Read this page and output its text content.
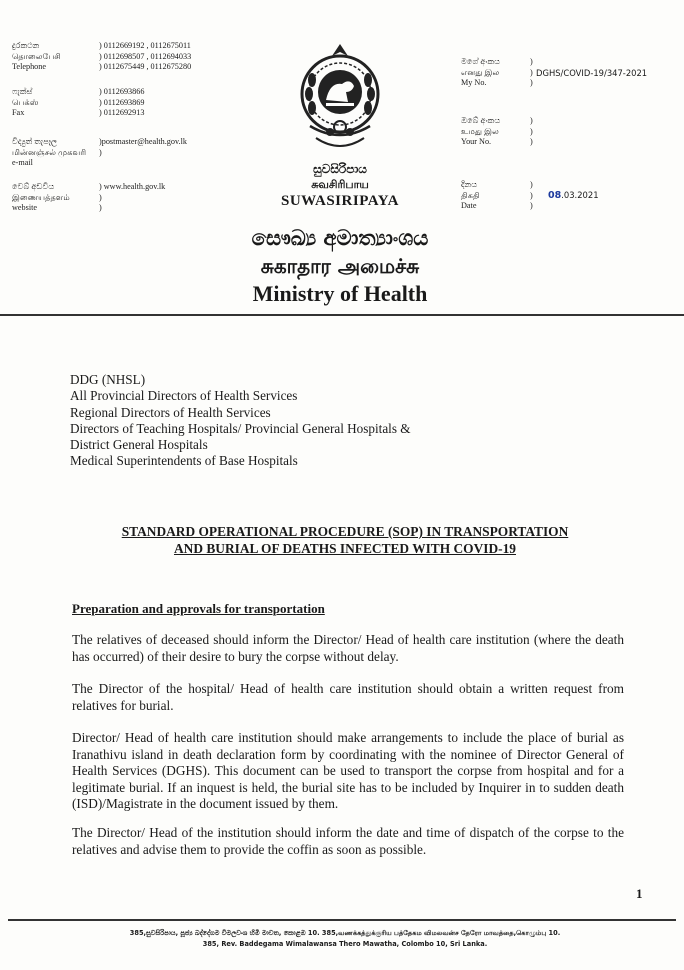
දුරකථන
தொலைபேசி
Telephone
) 0112669192 , 0112675011
) 0112698507 , 0112694033
) 0112675449 , 0112675280
ෆැක්ස්
பெக்ஸ்
Fax
) 0112693866
) 0112693869
) 0112692913
විද්‍යුත් තැපෑල
மின்னஞ்சல் முகவரி
e-mail
)postmaster@health.gov.lk
)
වෙබ් අඩවිය
இணையத்தளம்
website
) www.health.gov.lk
)
)
සුවසිරිපාය
சுவசிரிபாய
SUWASIRIPAYA
මගේ අංකය
எனது இல
My No.
)
)
)
DGHS/COVID-19/347-2021
ඔබේ අංකය
உமது இல
Your No.
)
)
)
දිනය
திகதி
Date
)
)
)
08.03.2021
සෞඛ්‍ය අමාත්‍යාංශය
சுகாதார அமைச்சு
Ministry of Health
DDG (NHSL)
All Provincial Directors of Health Services
Regional Directors of Health Services
Directors of Teaching Hospitals/ Provincial General Hospitals &
District General Hospitals
Medical Superintendents of Base Hospitals
STANDARD OPERATIONAL PROCEDURE (SOP) IN TRANSPORTATION
AND BURIAL OF DEATHS INFECTED WITH COVID-19
Preparation and approvals for transportation
The relatives of deceased should inform the Director/ Head of health care institution (where the death has occurred) of their desire to bury the corpse without delay.
The Director of the hospital/ Head of health care institution should obtain a written request from relatives for burial.
Director/ Head of health care institution should make arrangements to include the place of burial as Iranathivu island in death declaration form by coordinating with the nominee of Director General of Health Services (DGHS). This document can be used to transport the corpse from hospital and for a legitimate burial. If an inquest is held, the burial site has to be included by Inquirer in to sudden death (ISD)/Magistrate in the document issued by them.
The Director/ Head of the institution should inform the date and time of dispatch of the corpse to the relatives and advise them to provide the coffin as soon as possible.
1
385,සුවසිරිපාය, පූජ්‍ය බද්දේගම විමලවංශ හිමි මාවත, කොළඹ 10. 385,வணக்கத்துக்குரிய பத்தேகம விமலவன்ச தேரோ மாவத்தை,கொழும்பு 10.
385, Rev. Baddegama Wimalawansa Thero Mawatha, Colombo 10, Sri Lanka.
